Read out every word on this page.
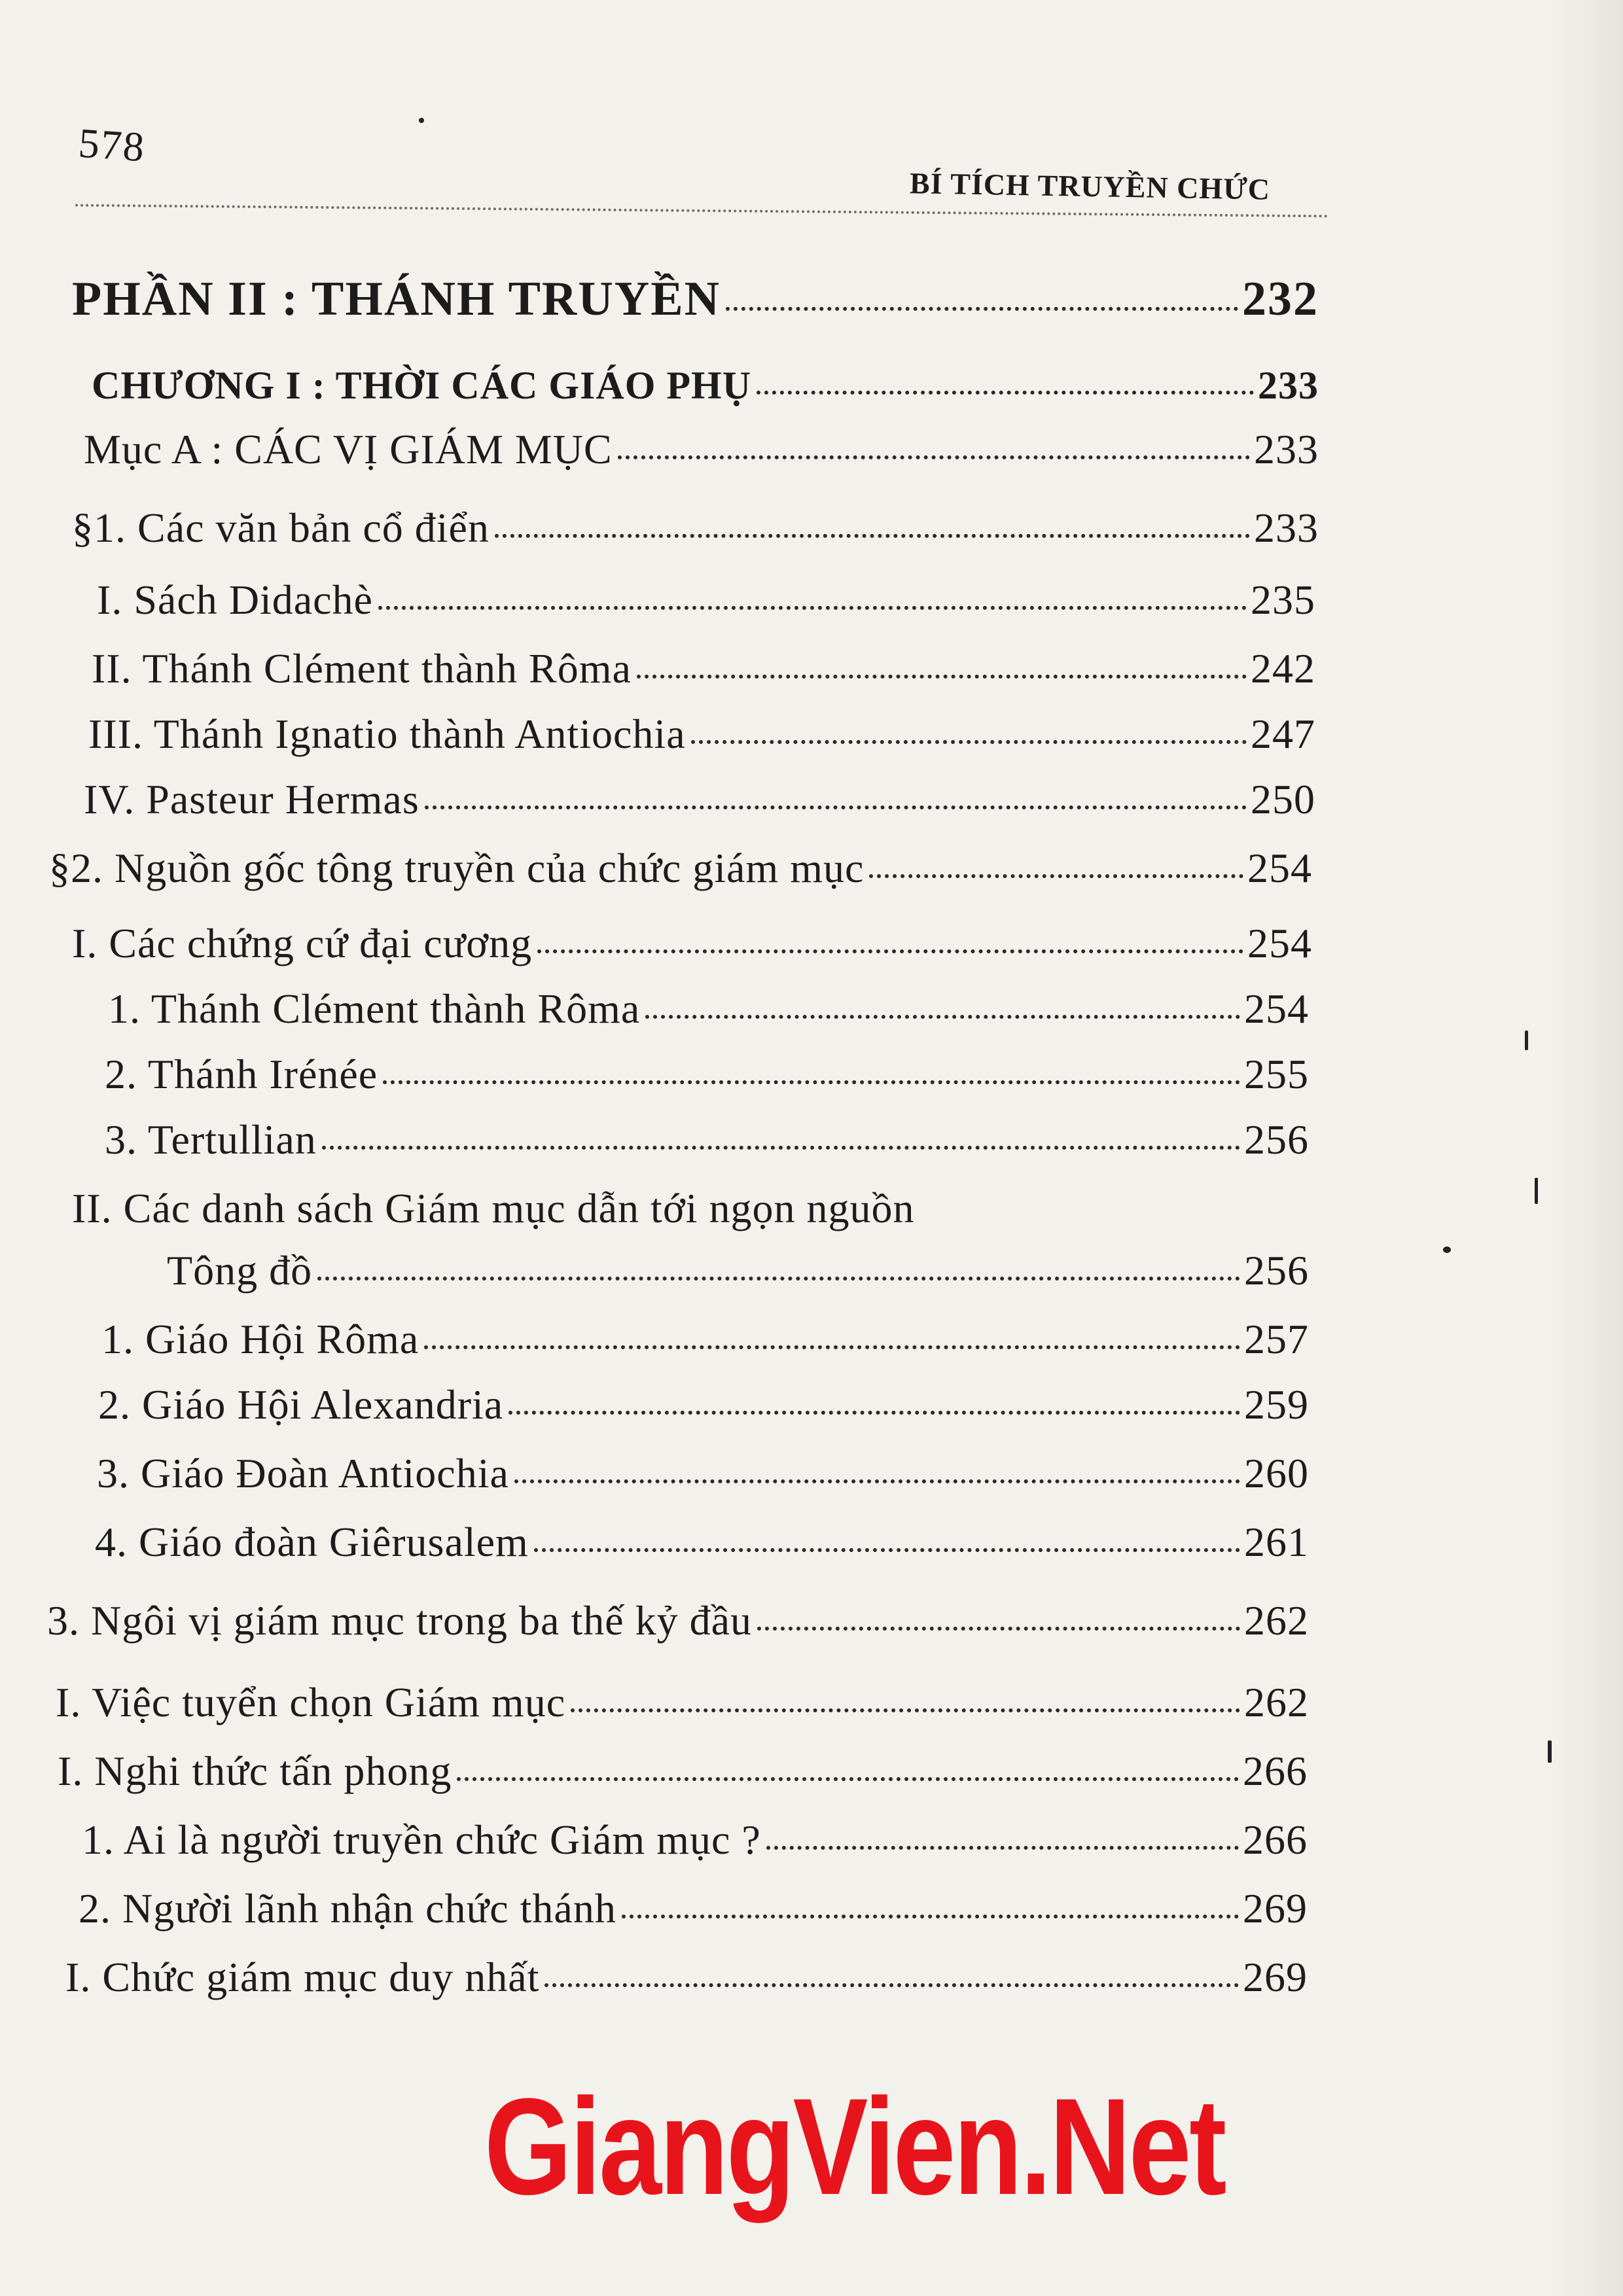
578
BÍ TÍCH TRUYỀN CHỨC
PHẦN II : THÁNH TRUYỀN	232
CHƯƠNG I : THỜI CÁC GIÁO PHỤ	233
Mục A : CÁC VỊ GIÁM MỤC	233
§1. Các văn bản cổ điển	233
I. Sách Didachè	235
II. Thánh Clément thành Rôma	242
III. Thánh Ignatio thành Antiochia	247
IV. Pasteur Hermas	250
§2. Nguồn gốc tông truyền của chức giám mục	254
I. Các chứng cứ đại cương	254
1. Thánh Clément thành Rôma	254
2. Thánh Irénée	255
3. Tertullian	256
II. Các danh sách Giám mục dẫn tới ngọn nguồn
Tông đồ	256
1. Giáo Hội Rôma	257
2. Giáo Hội Alexandria	259
3. Giáo Đoàn Antiochia	260
4. Giáo đoàn Giêrusalem	261
3. Ngôi vị giám mục trong ba thế kỷ đầu	262
I. Việc tuyển chọn Giám mục	262
I. Nghi thức tấn phong	266
1. Ai là người truyền chức Giám mục ?	266
2. Người lãnh nhận chức thánh	269
I. Chức giám mục duy nhất	269
GiangVien.Net
